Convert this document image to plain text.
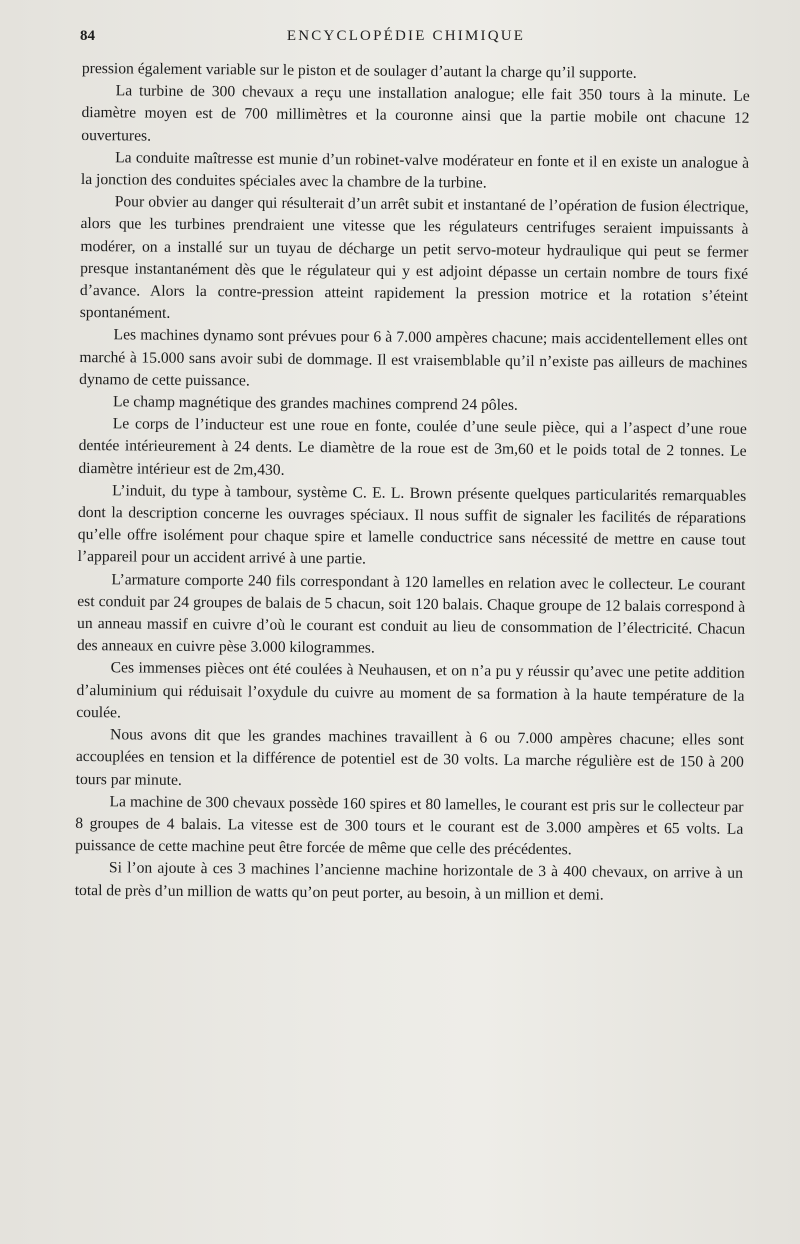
84	ENCYCLOPÉDIE CHIMIQUE

pression également variable sur le piston et de soulager d’autant la charge qu’il supporte.

La turbine de 300 chevaux a reçu une installation analogue; elle fait 350 tours à la minute. Le diamètre moyen est de 700 millimètres et la couronne ainsi que la partie mobile ont chacune 12 ouvertures.

La conduite maîtresse est munie d’un robinet-valve modérateur en fonte et il en existe un analogue à la jonction des conduites spéciales avec la chambre de la turbine.

Pour obvier au danger qui résulterait d’un arrêt subit et instantané de l’opération de fusion électrique, alors que les turbines prendraient une vitesse que les régulateurs centrifuges seraient impuissants à modérer, on a installé sur un tuyau de décharge un petit servo-moteur hydraulique qui peut se fermer presque instantanément dès que le régulateur qui y est adjoint dépasse un certain nombre de tours fixé d’avance. Alors la contre-pression atteint rapidement la pression motrice et la rotation s’éteint spontanément.

Les machines dynamo sont prévues pour 6 à 7.000 ampères chacune; mais accidentellement elles ont marché à 15.000 sans avoir subi de dommage. Il est vraisemblable qu’il n’existe pas ailleurs de machines dynamo de cette puissance.

Le champ magnétique des grandes machines comprend 24 pôles.

Le corps de l’inducteur est une roue en fonte, coulée d’une seule pièce, qui a l’aspect d’une roue dentée intérieurement à 24 dents. Le diamètre de la roue est de 3m,60 et le poids total de 2 tonnes. Le diamètre intérieur est de 2m,430.

L’induit, du type à tambour, système C. E. L. Brown présente quelques particularités remarquables dont la description concerne les ouvrages spéciaux. Il nous suffit de signaler les facilités de réparations qu’elle offre isolément pour chaque spire et lamelle conductrice sans nécessité de mettre en cause tout l’appareil pour un accident arrivé à une partie.

L’armature comporte 240 fils correspondant à 120 lamelles en relation avec le collecteur. Le courant est conduit par 24 groupes de balais de 5 chacun, soit 120 balais. Chaque groupe de 12 balais correspond à un anneau massif en cuivre d’où le courant est conduit au lieu de consommation de l’électricité. Chacun des anneaux en cuivre pèse 3.000 kilogrammes.

Ces immenses pièces ont été coulées à Neuhausen, et on n’a pu y réussir qu’avec une petite addition d’aluminium qui réduisait l’oxydule du cuivre au moment de sa formation à la haute température de la coulée.

Nous avons dit que les grandes machines travaillent à 6 ou 7.000 ampères chacune; elles sont accouplées en tension et la différence de potentiel est de 30 volts. La marche régulière est de 150 à 200 tours par minute.

La machine de 300 chevaux possède 160 spires et 80 lamelles, le courant est pris sur le collecteur par 8 groupes de 4 balais. La vitesse est de 300 tours et le courant est de 3.000 ampères et 65 volts. La puissance de cette machine peut être forcée de même que celle des précédentes.

Si l’on ajoute à ces 3 machines l’ancienne machine horizontale de 3 à 400 chevaux, on arrive à un total de près d’un million de watts qu’on peut porter, au besoin, à un million et demi.
